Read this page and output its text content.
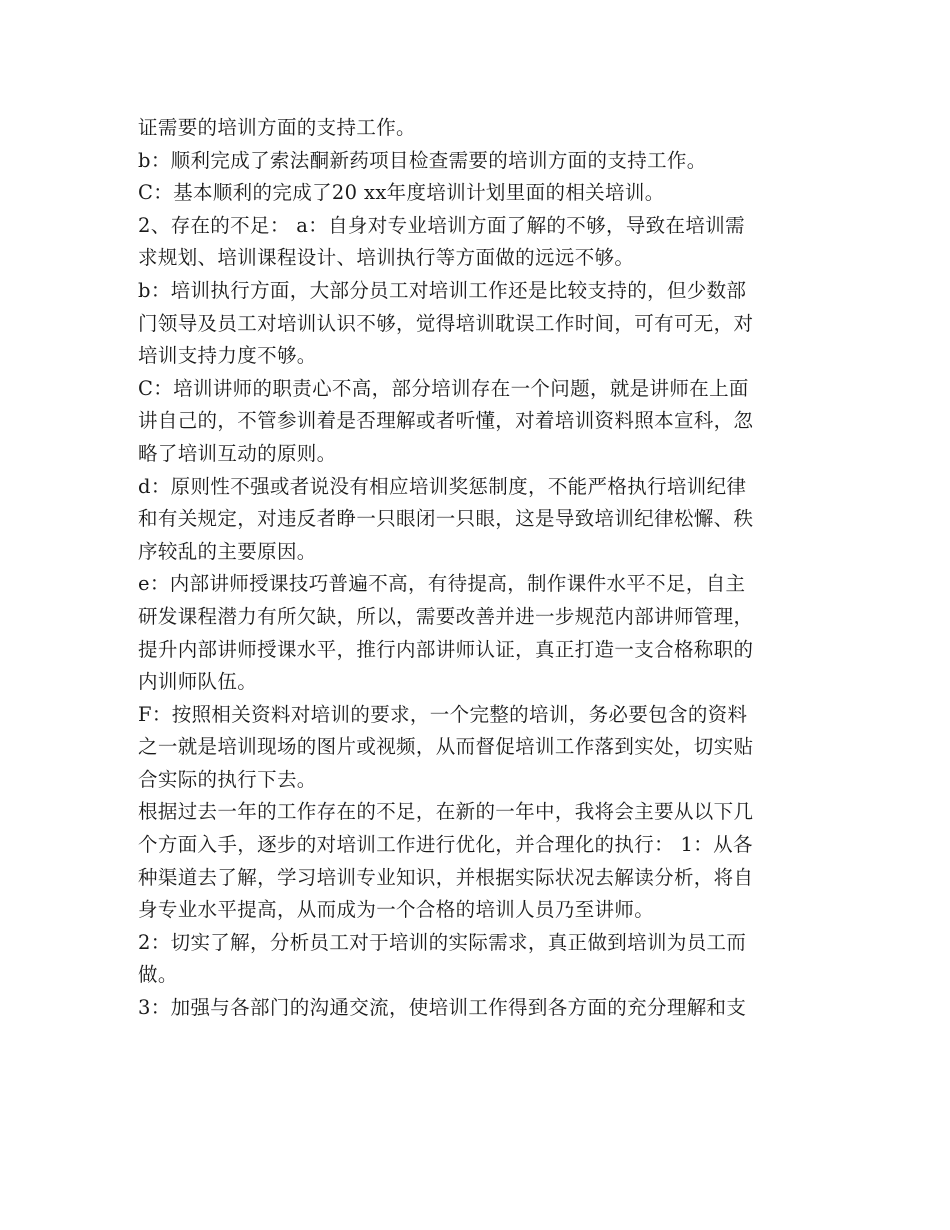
证需要的培训方面的支持工作。
b：顺利完成了索法酮新药项目检查需要的培训方面的支持工作。
C：基本顺利的完成了20 xx年度培训计划里面的相关培训。
2、存在的不足： a：自身对专业培训方面了解的不够，导致在培训需
求规划、培训课程设计、培训执行等方面做的远远不够。
b：培训执行方面，大部分员工对培训工作还是比较支持的，但少数部
门领导及员工对培训认识不够，觉得培训耽误工作时间，可有可无，对
培训支持力度不够。
C：培训讲师的职责心不高，部分培训存在一个问题，就是讲师在上面
讲自己的，不管参训着是否理解或者听懂，对着培训资料照本宣科，忽
略了培训互动的原则。
d：原则性不强或者说没有相应培训奖惩制度，不能严格执行培训纪律
和有关规定，对违反者睁一只眼闭一只眼，这是导致培训纪律松懈、秩
序较乱的主要原因。
e：内部讲师授课技巧普遍不高，有待提高，制作课件水平不足，自主
研发课程潜力有所欠缺，所以，需要改善并进一步规范内部讲师管理，
提升内部讲师授课水平，推行内部讲师认证，真正打造一支合格称职的
内训师队伍。
F：按照相关资料对培训的要求，一个完整的培训，务必要包含的资料
之一就是培训现场的图片或视频，从而督促培训工作落到实处，切实贴
合实际的执行下去。
根据过去一年的工作存在的不足，在新的一年中，我将会主要从以下几
个方面入手，逐步的对培训工作进行优化，并合理化的执行： 1：从各
种渠道去了解，学习培训专业知识，并根据实际状况去解读分析，将自
身专业水平提高，从而成为一个合格的培训人员乃至讲师。
2：切实了解，分析员工对于培训的实际需求，真正做到培训为员工而
做。
3：加强与各部门的沟通交流，使培训工作得到各方面的充分理解和支
